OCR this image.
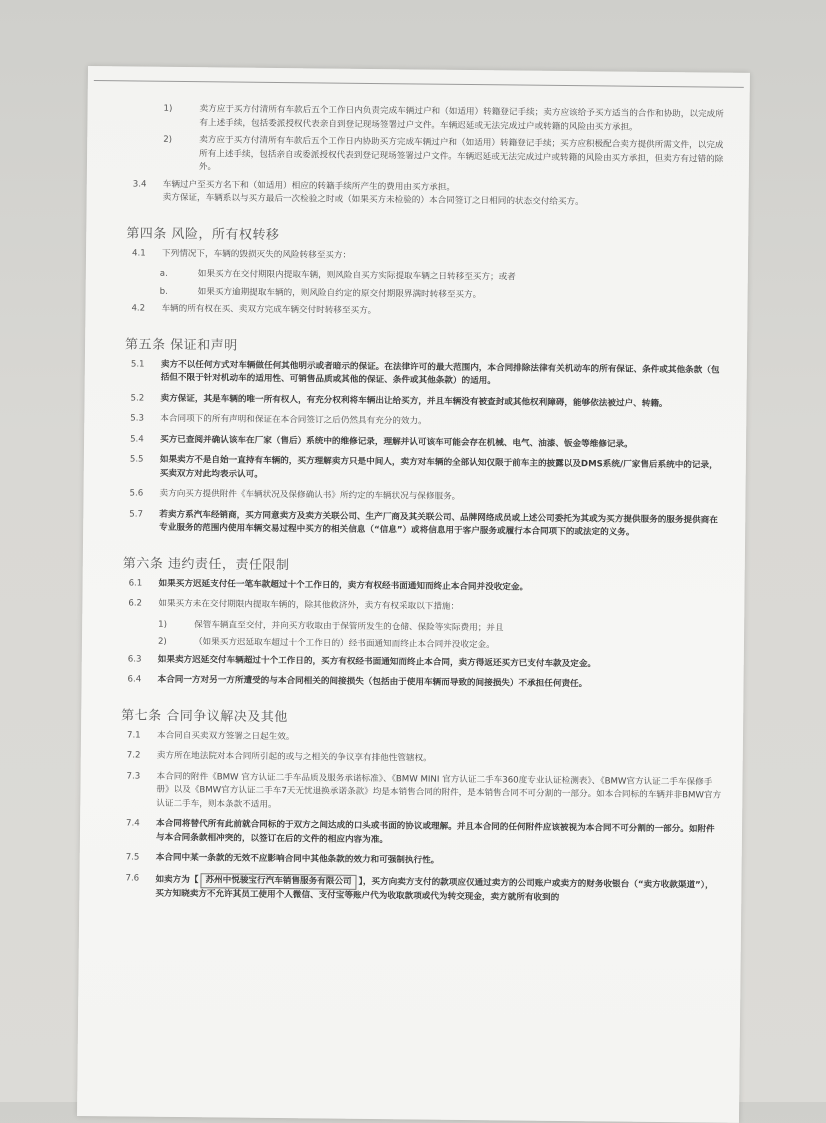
1)	卖方应于买方付清所有车款后五个工作日内负责完成车辆过户和（如适用）转籍登记手续；卖方应该给予买方适当的合作和协助，以完成所有上述手续，包括委派授权代表亲自到登记现场签署过户文件。车辆迟延或无法完成过户或转籍的风险由买方承担。
2)	卖方应于买方付清所有车款后五个工作日内协助买方完成车辆过户和（如适用）转籍登记手续；买方应积极配合卖方提供所需文件，以完成所有上述手续，包括亲自或委派授权代表到登记现场签署过户文件。车辆迟延或无法完成过户或转籍的风险由买方承担，但卖方有过错的除外。
3.4	车辆过户至买方名下和（如适用）相应的转籍手续所产生的费用由买方承担。
卖方保证，车辆系以与买方最后一次检验之时或（如果买方未检验的）本合同签订之日相同的状态交付给买方。
第四条 风险，所有权转移
4.1	下列情况下，车辆的毁损灭失的风险转移至买方：
a.	如果买方在交付期限内提取车辆，则风险自买方实际提取车辆之日转移至买方；或者
b.	如果买方逾期提取车辆的，则风险自约定的原交付期限界满时转移至买方。
4.2	车辆的所有权在买、卖双方完成车辆交付时转移至买方。
第五条 保证和声明
5.1	卖方不以任何方式对车辆做任何其他明示或者暗示的保证。在法律许可的最大范围内，本合同排除法律有关机动车的所有保证、条件或其他条款（包括但不限于针对机动车的适用性、可销售品质或其他的保证、条件或其他条款）的适用。
5.2	卖方保证，其是车辆的唯一所有权人，有充分权利将车辆出让给买方，并且车辆没有被查封或其他权利障碍，能够依法被过户、转籍。
5.3	本合同项下的所有声明和保证在本合同签订之后仍然具有充分的效力。
5.4	买方已查阅并确认该车在厂家（售后）系统中的维修记录，理解并认可该车可能会存在机械、电气、油漆、钣金等维修记录。
5.5	如果卖方不是自始一直持有车辆的，买方理解卖方只是中间人，卖方对车辆的全部认知仅限于前车主的披露以及DMS系统/厂家售后系统中的记录，买卖双方对此均表示认可。
5.6	卖方向买方提供附件《车辆状况及保修确认书》所约定的车辆状况与保修服务。
5.7	若卖方系汽车经销商，买方同意卖方及卖方关联公司、生产厂商及其关联公司、品牌网络成员或上述公司委托为其或为买方提供服务的服务提供商在专业服务的范围内使用车辆交易过程中买方的相关信息（“信息”）或将信息用于客户服务或履行本合同项下的或法定的义务。
第六条 违约责任，责任限制
6.1	如果买方迟延支付任一笔车款超过十个工作日的，卖方有权经书面通知而终止本合同并没收定金。
6.2	如果买方未在交付期限内提取车辆的，除其他救济外，卖方有权采取以下措施：
1)	保管车辆直至交付，并向买方收取由于保管所发生的仓储、保险等实际费用；并且
2)	（如果买方迟延取车超过十个工作日的）经书面通知而终止本合同并没收定金。
6.3	如果卖方迟延交付车辆超过十个工作日的，买方有权经书面通知而终止本合同，卖方得返还买方已支付车款及定金。
6.4	本合同一方对另一方所遭受的与本合同相关的间接损失（包括由于使用车辆而导致的间接损失）不承担任何责任。
第七条 合同争议解决及其他
7.1	本合同自买卖双方签署之日起生效。
7.2	卖方所在地法院对本合同所引起的或与之相关的争议享有排他性管辖权。
7.3	本合同的附件《BMW 官方认证二手车品质及服务承诺标准》、《BMW MINI 官方认证二手车360度专业认证检测表》、《BMW官方认证二手车保修手册》以及《BMW官方认证二手车7天无忧退换承诺条款》均是本销售合同的附件，是本销售合同不可分割的一部分。如本合同标的车辆并非BMW官方认证二手车，则本条款不适用。
7.4	本合同将替代所有此前就合同标的于双方之间达成的口头或书面的协议或理解。并且本合同的任何附件应该被视为本合同不可分割的一部分。如附件与本合同条款相冲突的，以签订在后的文件的相应内容为准。
7.5	本合同中某一条款的无效不应影响合同中其他条款的效力和可强制执行性。
7.6	如卖方为【 苏州中悦骏宝行汽车销售服务有限公司 】，买方向卖方支付的款项应仅通过卖方的公司账户或卖方的财务收银台（“卖方收款渠道”），买方知晓卖方不允许其员工使用个人微信、支付宝等账户代为收取款项或代为转交现金，卖方就所有收到的
